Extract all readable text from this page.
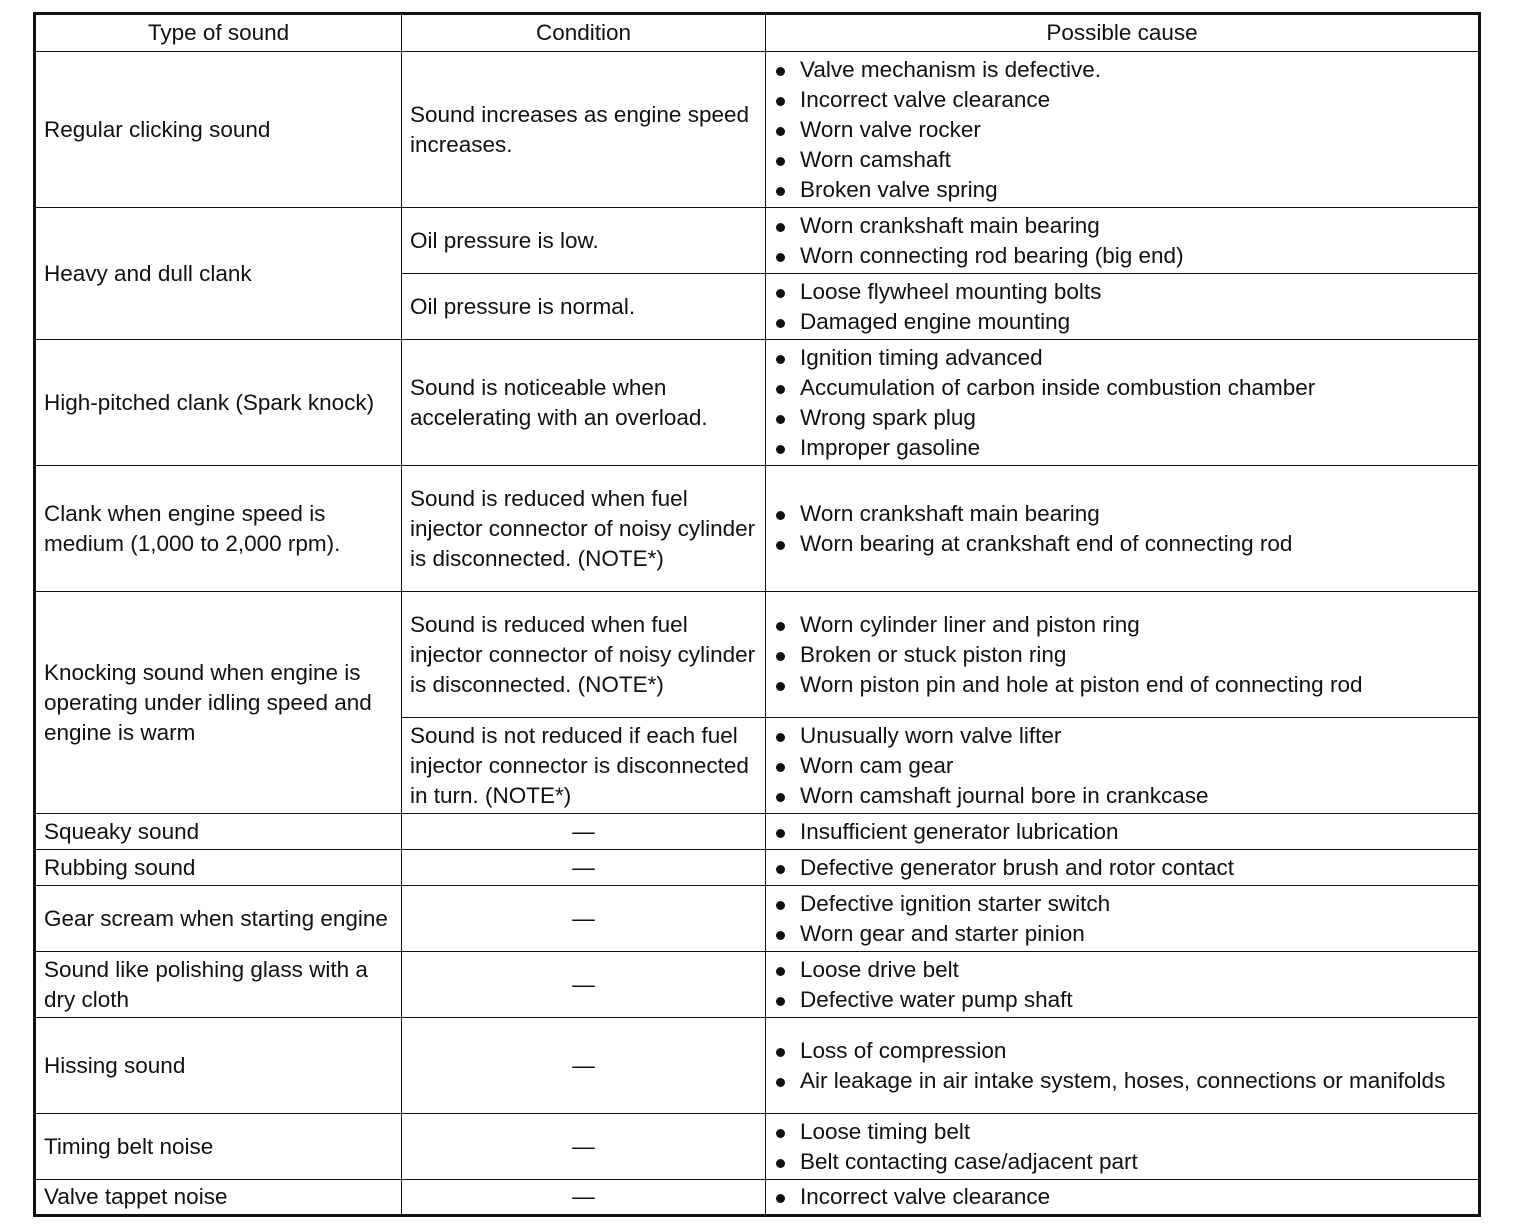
Type of sound	Condition	Possible cause
Regular clicking sound	Sound increases as engine speed increases.	Valve mechanism is defective.
Incorrect valve clearance
Worn valve rocker
Worn camshaft
Broken valve spring

Heavy and dull clank	Oil pressure is low.	Worn crankshaft main bearing
Worn connecting rod bearing (big end)

	Oil pressure is normal.	Loose flywheel mounting bolts
Damaged engine mounting

High-pitched clank (Spark knock)	Sound is noticeable when accelerating with an overload.	Ignition timing advanced
Accumulation of carbon inside combustion chamber
Wrong spark plug
Improper gasoline

Clank when engine speed is medium (1,000 to 2,000 rpm).	Sound is reduced when fuel injector connector of noisy cylinder is disconnected. (NOTE*)	Worn crankshaft main bearing
Worn bearing at crankshaft end of connecting rod

Knocking sound when engine is operating under idling speed and engine is warm	Sound is reduced when fuel injector connector of noisy cylinder is disconnected. (NOTE*)	Worn cylinder liner and piston ring
Broken or stuck piston ring
Worn piston pin and hole at piston end of connecting rod

	Sound is not reduced if each fuel injector connector is disconnected in turn. (NOTE*)	Unusually worn valve lifter
Worn cam gear
Worn camshaft journal bore in crankcase

Squeaky sound	—	Insufficient generator lubrication

Rubbing sound	—	Defective generator brush and rotor contact

Gear scream when starting engine	—	Defective ignition starter switch
Worn gear and starter pinion

Sound like polishing glass with a dry cloth	—	Loose drive belt
Defective water pump shaft

Hissing sound	—	Loss of compression
Air leakage in air intake system, hoses, connections or manifolds

Timing belt noise	—	Loose timing belt
Belt contacting case/adjacent part

Valve tappet noise	—	Incorrect valve clearance
